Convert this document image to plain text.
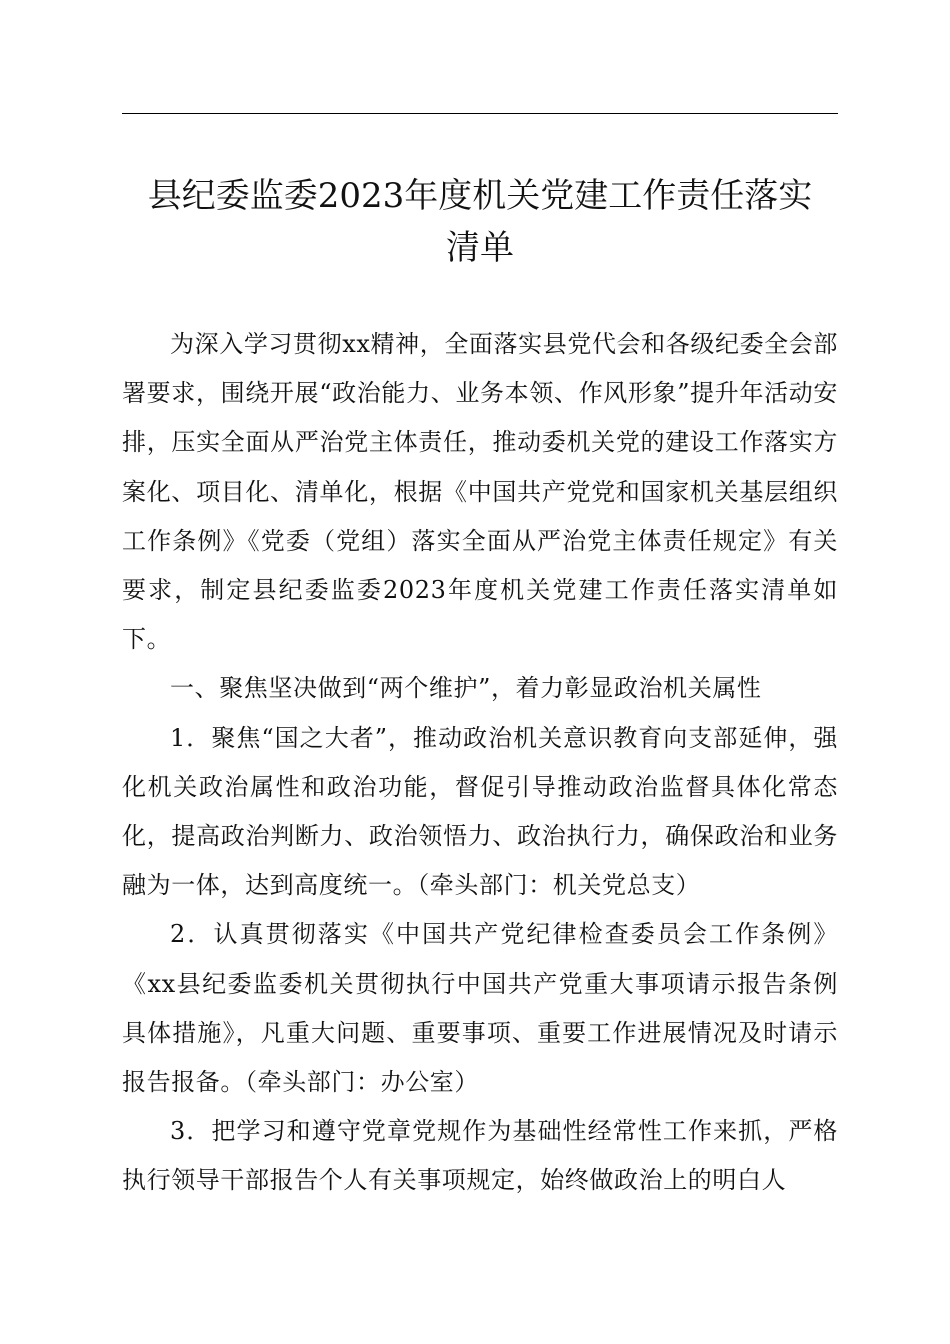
县纪委监委2023年度机关党建工作责任落实
清单

为深入学习贯彻xx精神，全面落实县党代会和各级纪委全会部署要求，围绕开展“政治能力、业务本领、作风形象”提升年活动安排，压实全面从严治党主体责任，推动委机关党的建设工作落实方案化、项目化、清单化，根据《中国共产党党和国家机关基层组织工作条例》《党委（党组）落实全面从严治党主体责任规定》有关要求，制定县纪委监委2023年度机关党建工作责任落实清单如下。

一、聚焦坚决做到“两个维护”，着力彰显政治机关属性

1．聚焦“国之大者”，推动政治机关意识教育向支部延伸，强化机关政治属性和政治功能，督促引导推动政治监督具体化常态化，提高政治判断力、政治领悟力、政治执行力，确保政治和业务融为一体，达到高度统一。（牵头部门：机关党总支）

2．认真贯彻落实《中国共产党纪律检查委员会工作条例》《xx县纪委监委机关贯彻执行中国共产党重大事项请示报告条例具体措施》，凡重大问题、重要事项、重要工作进展情况及时请示报告报备。（牵头部门：办公室）

3．把学习和遵守党章党规作为基础性经常性工作来抓，严格执行领导干部报告个人有关事项规定，始终做政治上的明白人
